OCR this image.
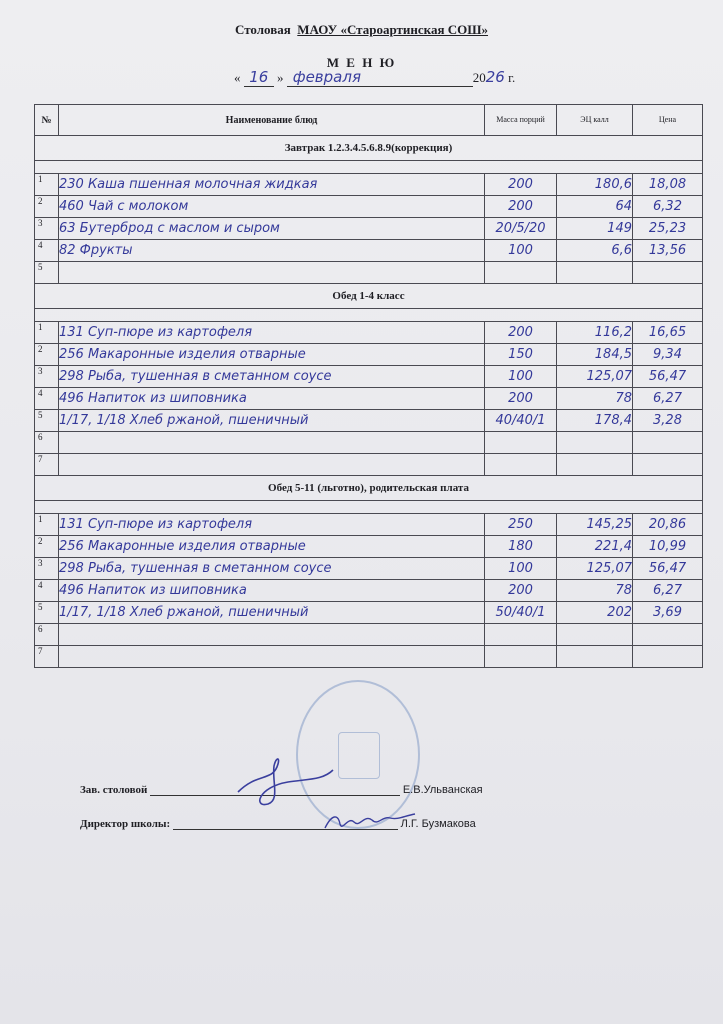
Столовая МАОУ «Староартинская СОШ»
М Е Н Ю
« 16 » февраля	2026 г.
№	Наименование блюд	Масса порций	ЭЦ калл	Цена
Завтрак 1.2.3.4.5.6.8.9(коррекция)				

1	230 Каша пшенная молочная жидкая	200	180,6	18,08
2	460 Чай с молоком	200	64	6,32
3	63 Бутерброд с маслом и сыром	20/5/20	149	25,23
4	82 Фрукты	100	6,6	13,56
5				
Обед 1-4 класс				

1	131 Суп-пюре из картофеля	200	116,2	16,65
2	256 Макаронные изделия отварные	150	184,5	9,34
3	298 Рыба, тушенная в сметанном соусе	100	125,07	56,47
4	496 Напиток из шиповника	200	78	6,27
5	1/17, 1/18 Хлеб ржаной, пшеничный	40/40/1	178,4	3,28
6				
7				
Обед 5-11 (льготно), родительская плата				

1	131 Суп-пюре из картофеля	250	145,25	20,86
2	256 Макаронные изделия отварные	180	221,4	10,99
3	298 Рыба, тушенная в сметанном соусе	100	125,07	56,47
4	496 Напиток из шиповника	200	78	6,27
5	1/17, 1/18 Хлеб ржаной, пшеничный	50/40/1	202	3,69
6				
7				
Зав. столовой	Е.В.Ульванская
Директор школы:	Л.Г. Бузмакова
